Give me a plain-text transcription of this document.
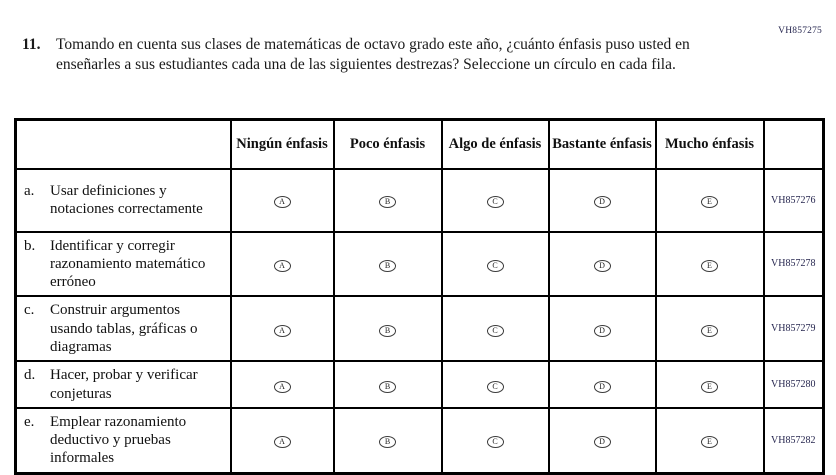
VH857275
11. Tomando en cuenta sus clases de matemáticas de octavo grado este año, ¿cuánto énfasis puso usted en enseñarles a sus estudiantes cada una de las siguientes destrezas? Seleccione un círculo en cada fila.
	Ningún énfasis	Poco énfasis	Algo de énfasis	Bastante énfasis	Mucho énfasis	

a. Usar definiciones y notaciones correctamente	A	B	C	D	E	VH857276

b. Identificar y corregir razonamiento matemático erróneo	A	B	C	D	E	VH857278

c. Construir argumentos usando tablas, gráficas o diagramas	A	B	C	D	E	VH857279

d. Hacer, probar y verificar conjeturas	A	B	C	D	E	VH857280

e. Emplear razonamiento deductivo y pruebas informales	A	B	C	D	E	VH857282
